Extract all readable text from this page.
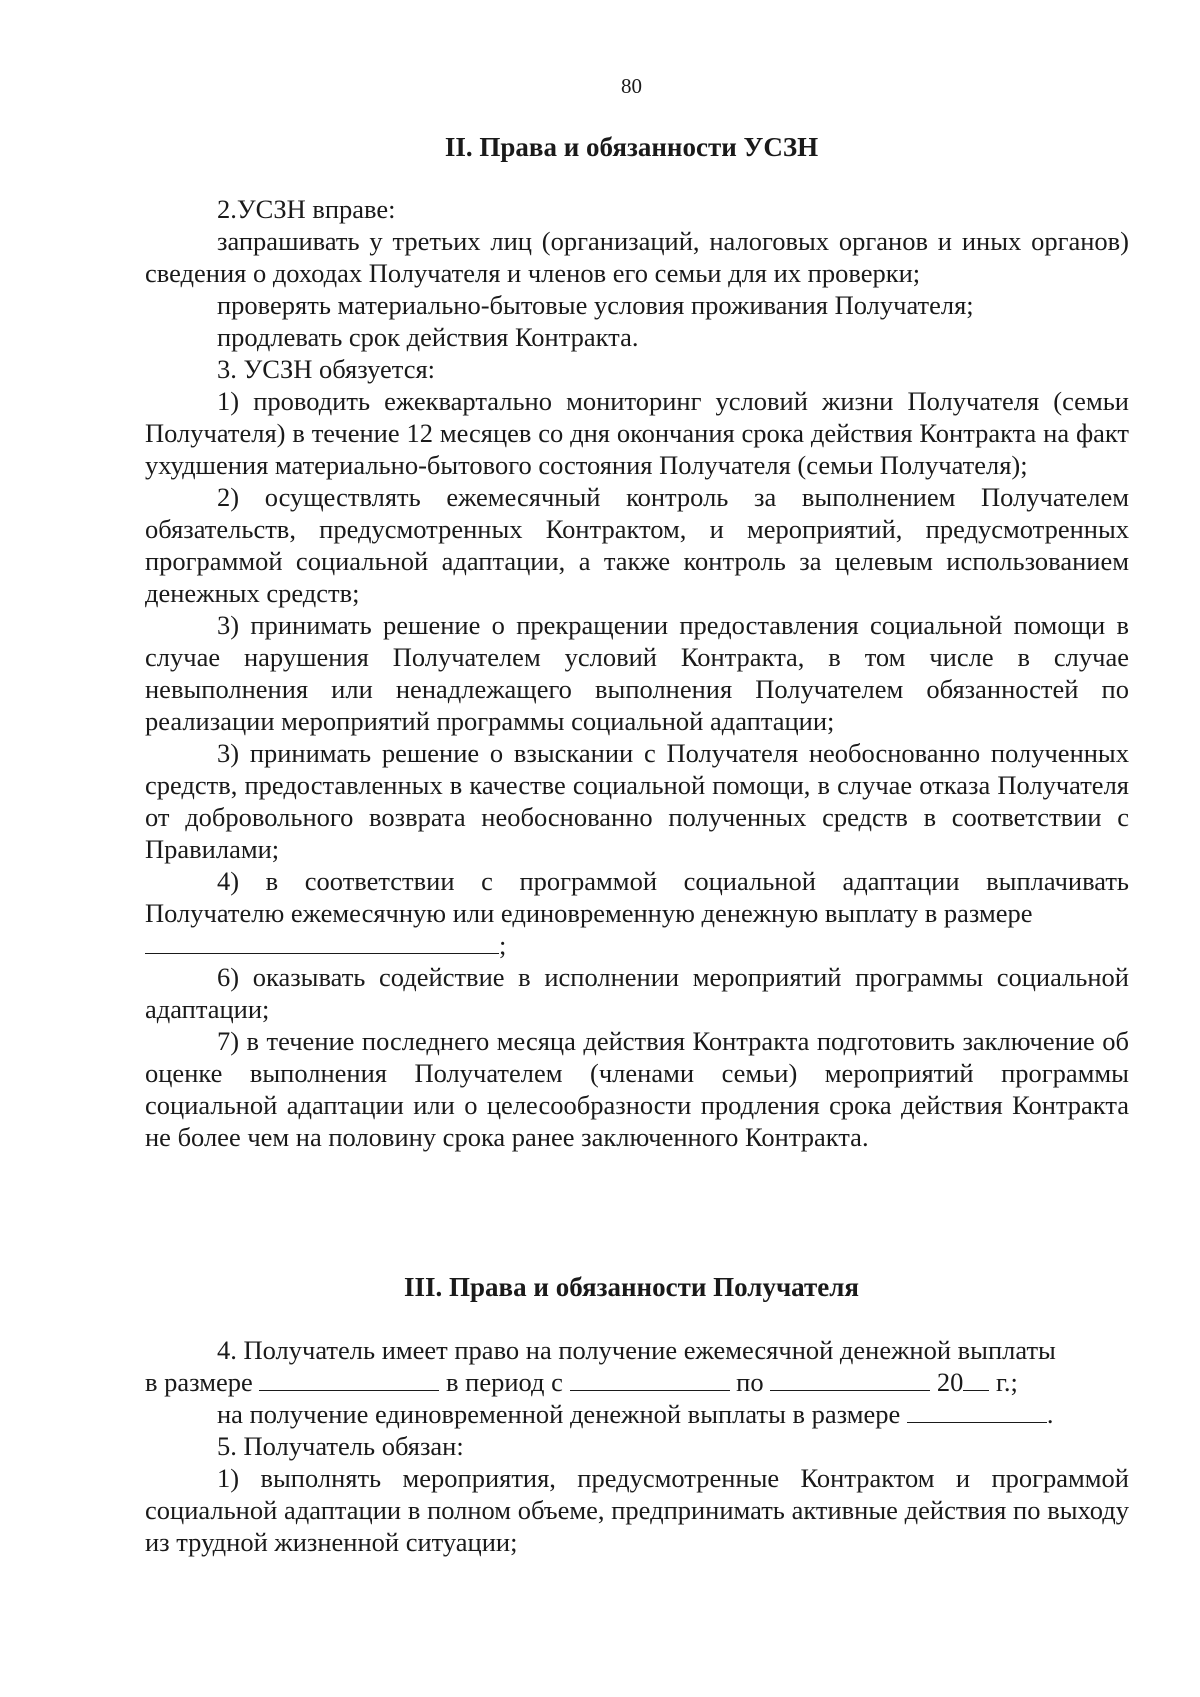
80
II. Права и обязанности УСЗН

2.УСЗН вправе:

запрашивать у третьих лиц (организаций, налоговых органов и иных органов) сведения о доходах Получателя и членов его семьи для их проверки;

проверять материально-бытовые условия проживания Получателя;

продлевать срок действия Контракта.

3. УСЗН обязуется:

1) проводить ежеквартально мониторинг условий жизни Получателя (семьи Получателя) в течение 12 месяцев со дня окончания срока действия Контракта на факт ухудшения материально-бытового состояния Получателя (семьи Получателя);

2) осуществлять ежемесячный контроль за выполнением Получателем обязательств, предусмотренных Контрактом, и мероприятий, предусмотренных программой социальной адаптации, а также контроль за целевым использованием денежных средств;

3) принимать решение о прекращении предоставления социальной помощи в случае нарушения Получателем условий Контракта, в том числе в случае невыполнения или ненадлежащего выполнения Получателем обязанностей по реализации мероприятий программы социальной адаптации;

3) принимать решение о взыскании с Получателя необоснованно полученных средств, предоставленных в качестве социальной помощи, в случае отказа Получателя от добровольного возврата необоснованно полученных средств в соответствии с Правилами;

4) в соответствии с программой социальной адаптации выплачивать Получателю ежемесячную или единовременную денежную выплату в размере

;

6) оказывать содействие в исполнении мероприятий программы социальной адаптации;

7) в течение последнего месяца действия Контракта подготовить заключение об оценке выполнения Получателем (членами семьи) мероприятий программы социальной адаптации или о целесообразности продления срока действия Контракта не более чем на половину срока ранее заключенного Контракта.

III. Права и обязанности Получателя

4. Получатель имеет право на получение ежемесячной денежной выплаты

в размере	в период с	по	20 г.;

на получение единовременной денежной выплаты в размере	.

5. Получатель обязан:

1) выполнять мероприятия, предусмотренные Контрактом и программой социальной адаптации в полном объеме, предпринимать активные действия по выходу из трудной жизненной ситуации;
